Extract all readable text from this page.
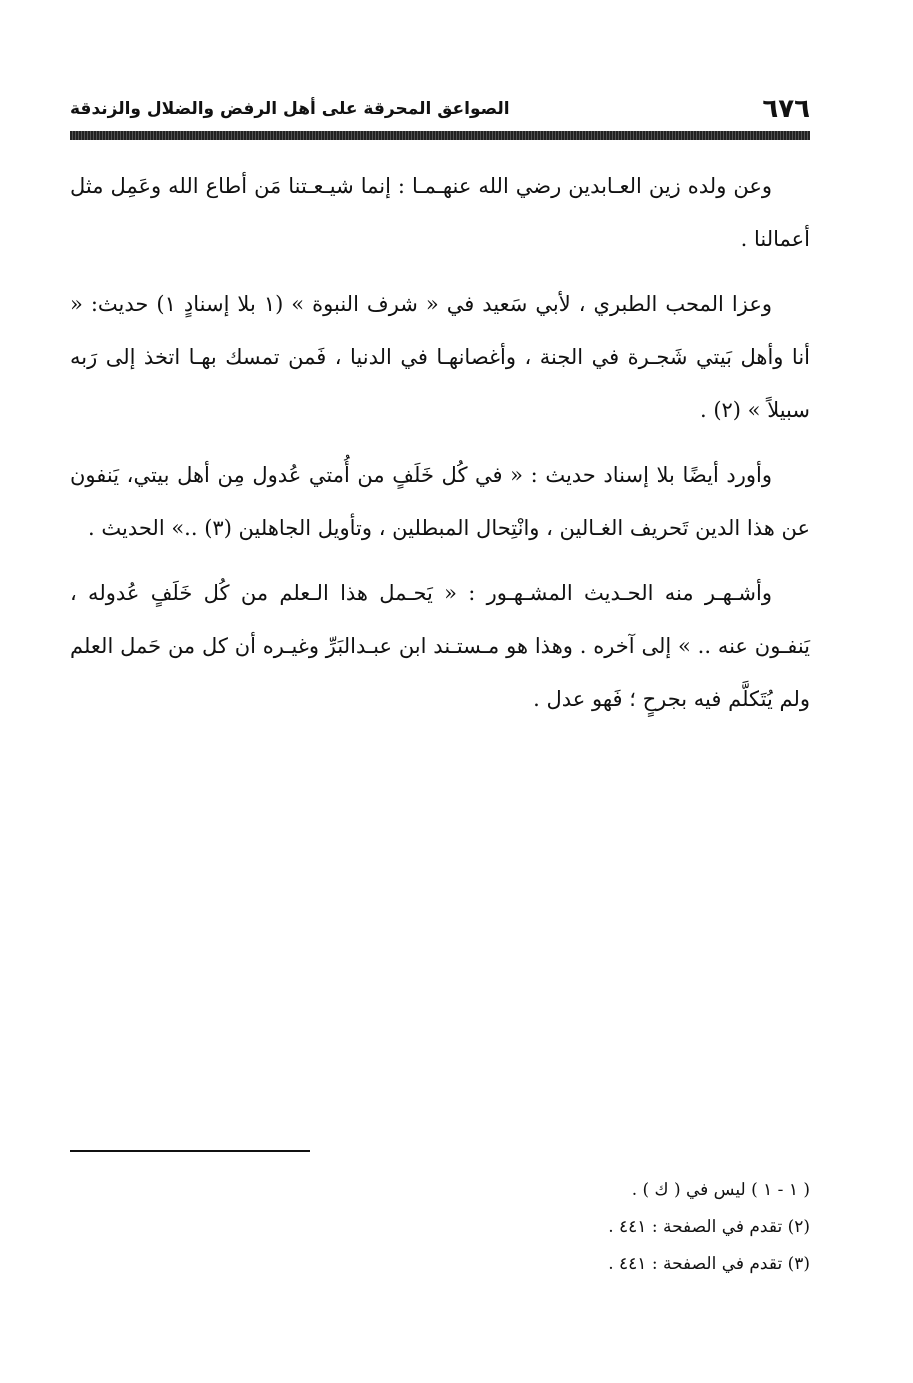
٦٧٦
الصواعق المحرقة على أهل الرفض والضلال والزندقة

وعن ولده زين العـابدين رضي الله عنهـمـا : إنما شيـعـتنا مَن أطاع الله وعَمِل مثل أعمالنا .

وعزا المحب الطبري ، لأبي سَعيد في « شرف النبوة » (١ بلا إسنادٍ ١) حديث: « أنا وأهل بَيتي شَجـرة في الجنة ، وأغصانهـا في الدنيا ، فَمن تمسك بهـا اتخذ إلى رَبه سبيلاً » (٢) .

وأورد أيضًا بلا إسناد حديث : « في كُل خَلَفٍ من أُمتي عُدول مِن أهل بيتي، يَنفون عن هذا الدين تَحريف الغـالين ، وانْتِحال المبطلين ، وتأويل الجاهلين (٣) ..» الحديث .

وأشـهـر منه الحـديث المشـهـور : « يَحـمل هذا الـعلم من كُل خَلَفٍ عُدوله ، يَنفـون عنه .. » إلى آخره . وهذا هو مـستـند ابن عبـدالبَرِّ وغيـره أن كل من حَمل العلم ولم يُتَكلَّم فيه بجرحٍ ؛ فَهو عدل .

( ١ - ١ ) ليس في ( ك ) .

(٢) تقدم في الصفحة : ٤٤١ .

(٣) تقدم في الصفحة : ٤٤١ .
